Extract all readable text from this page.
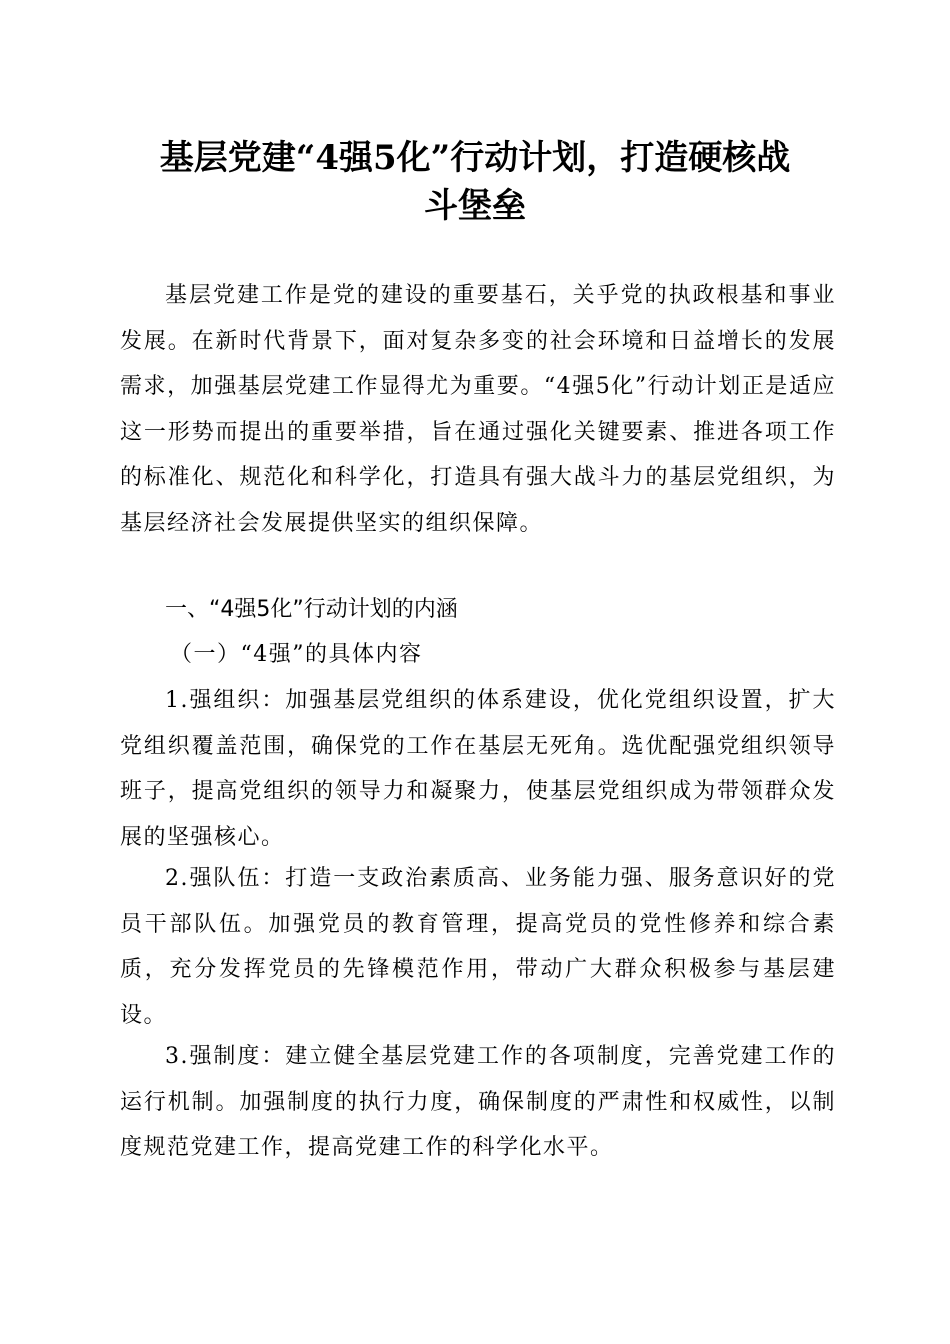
基层党建“4强5化”行动计划，打造硬核战
斗堡垒

基层党建工作是党的建设的重要基石，关乎党的执政根基和事业发展。在新时代背景下，面对复杂多变的社会环境和日益增长的发展需求，加强基层党建工作显得尤为重要。“4强5化”行动计划正是适应这一形势而提出的重要举措，旨在通过强化关键要素、推进各项工作的标准化、规范化和科学化，打造具有强大战斗力的基层党组织，为基层经济社会发展提供坚实的组织保障。

一、“4强5化”行动计划的内涵

（一）“4强”的具体内容

1.强组织：加强基层党组织的体系建设，优化党组织设置，扩大党组织覆盖范围，确保党的工作在基层无死角。选优配强党组织领导班子，提高党组织的领导力和凝聚力，使基层党组织成为带领群众发展的坚强核心。

2.强队伍：打造一支政治素质高、业务能力强、服务意识好的党员干部队伍。加强党员的教育管理，提高党员的党性修养和综合素质，充分发挥党员的先锋模范作用，带动广大群众积极参与基层建设。

3.强制度：建立健全基层党建工作的各项制度，完善党建工作的运行机制。加强制度的执行力度，确保制度的严肃性和权威性，以制度规范党建工作，提高党建工作的科学化水平。
